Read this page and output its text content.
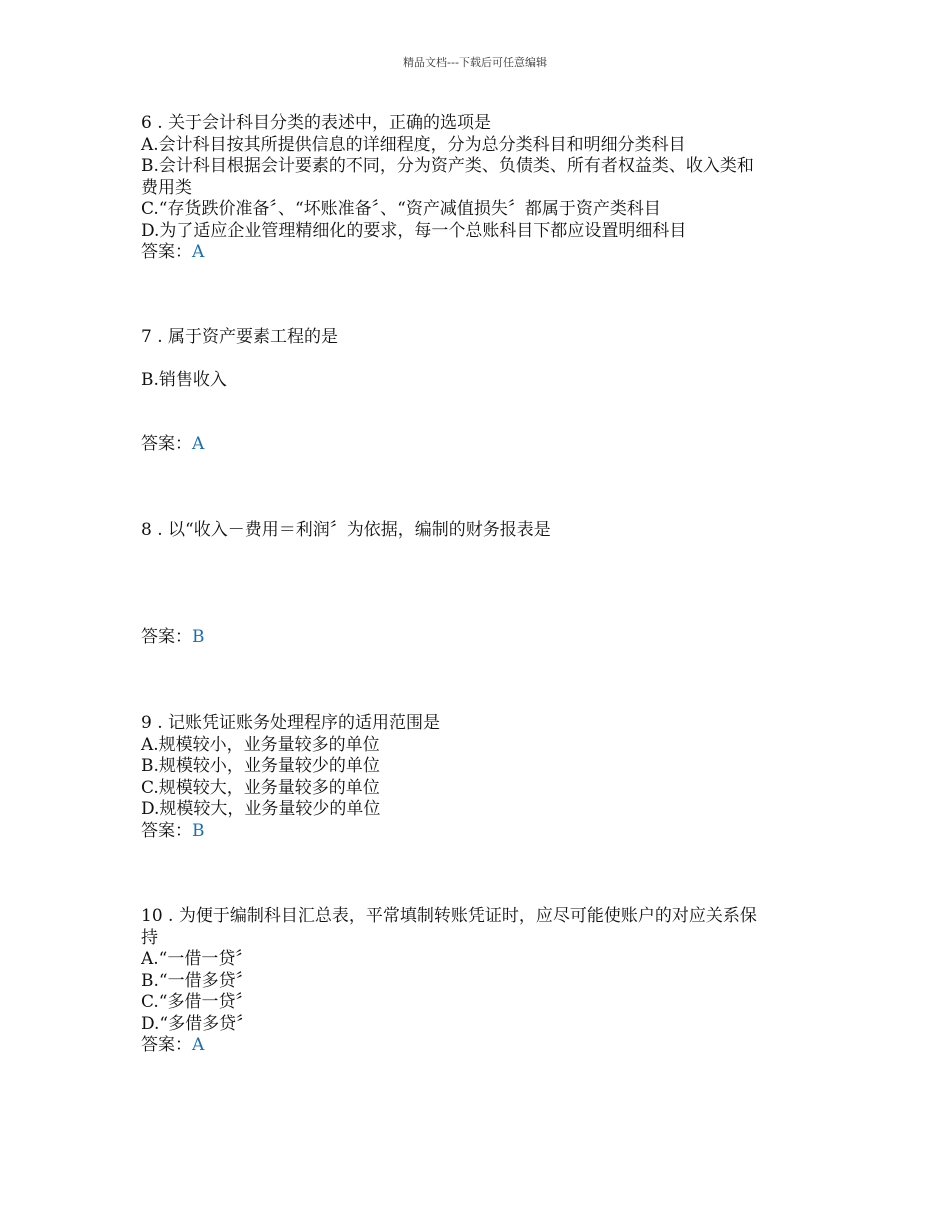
精品文档---下载后可任意编辑
6 . 关于会计科目分类的表述中，正确的选项是
A.会计科目按其所提供信息的详细程度，分为总分类科目和明细分类科目
B.会计科目根据会计要素的不同，分为资产类、负债类、所有者权益类、收入类和
费用类
C.“存货跌价准备〞、“坏账准备〞、“资产减值损失〞都属于资产类科目
D.为了适应企业管理精细化的要求，每一个总账科目下都应设置明细科目
答案：A
7 . 属于资产要素工程的是
B.销售收入
答案：A
8 . 以“收入－费用＝利润〞为依据，编制的财务报表是
答案：B
9 . 记账凭证账务处理程序的适用范围是
A.规模较小，业务量较多的单位
B.规模较小，业务量较少的单位
C.规模较大，业务量较多的单位
D.规模较大，业务量较少的单位
答案：B
10 . 为便于编制科目汇总表，平常填制转账凭证时，应尽可能使账户的对应关系保
持
A.“一借一贷〞
B.“一借多贷〞
C.“多借一贷〞
D.“多借多贷〞
答案：A
